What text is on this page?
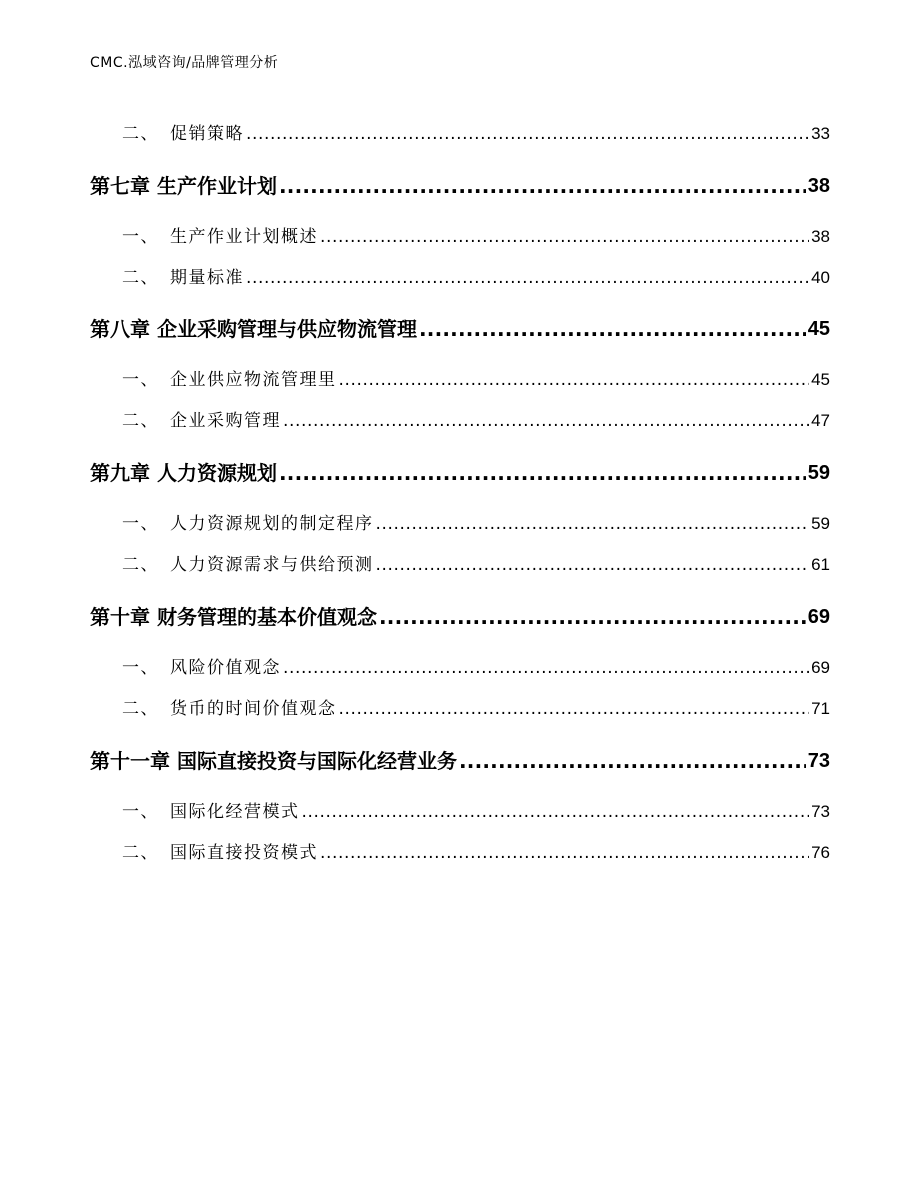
CMC.泓域咨询/品牌管理分析
二、 促销策略 .....	33
第七章 生产作业计划 .....	38
一、 生产作业计划概述 .....	38
二、 期量标准 .....	40
第八章 企业采购管理与供应物流管理 .....	45
一、 企业供应物流管理里 .....	45
二、 企业采购管理 .....	47
第九章 人力资源规划 .....	59
一、 人力资源规划的制定程序 .....	59
二、 人力资源需求与供给预测 .....	61
第十章 财务管理的基本价值观念 .....	69
一、 风险价值观念 .....	69
二、 货币的时间价值观念 .....	71
第十一章 国际直接投资与国际化经营业务 .....	73
一、 国际化经营模式 .....	73
二、 国际直接投资模式 .....	76
